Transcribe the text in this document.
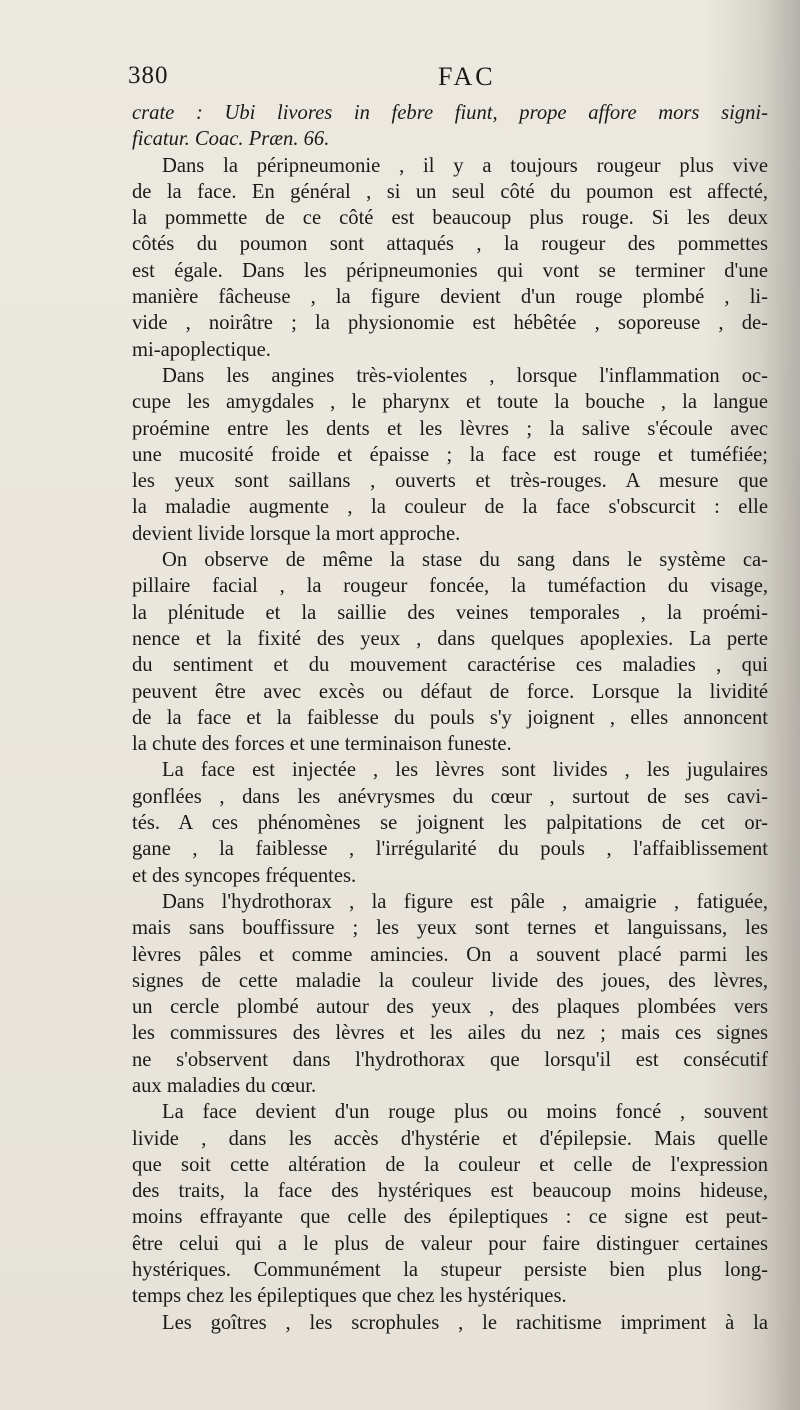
380	FAC
crate : Ubi livores in febre fiunt, prope affore mors signi-
ficatur. Coac. Præn. 66.
Dans la péripneumonie , il y a toujours rougeur plus vive
de la face. En général , si un seul côté du poumon est affecté,
la pommette de ce côté est beaucoup plus rouge. Si les deux
côtés du poumon sont attaqués , la rougeur des pommettes
est égale. Dans les péripneumonies qui vont se terminer d'une
manière fâcheuse , la figure devient d'un rouge plombé , li-
vide , noirâtre ; la physionomie est hébêtée , soporeuse , de-
mi-apoplectique.
Dans les angines très-violentes , lorsque l'inflammation oc-
cupe les amygdales , le pharynx et toute la bouche , la langue
proémine entre les dents et les lèvres ; la salive s'écoule avec
une mucosité froide et épaisse ; la face est rouge et tuméfiée;
les yeux sont saillans , ouverts et très-rouges. A mesure que
la maladie augmente , la couleur de la face s'obscurcit : elle
devient livide lorsque la mort approche.
On observe de même la stase du sang dans le système ca-
pillaire facial , la rougeur foncée, la tuméfaction du visage,
la plénitude et la saillie des veines temporales , la proémi-
nence et la fixité des yeux , dans quelques apoplexies. La perte
du sentiment et du mouvement caractérise ces maladies , qui
peuvent être avec excès ou défaut de force. Lorsque la lividité
de la face et la faiblesse du pouls s'y joignent , elles annoncent
la chute des forces et une terminaison funeste.
La face est injectée , les lèvres sont livides , les jugulaires
gonflées , dans les anévrysmes du cœur , surtout de ses cavi-
tés. A ces phénomènes se joignent les palpitations de cet or-
gane , la faiblesse , l'irrégularité du pouls , l'affaiblissement
et des syncopes fréquentes.
Dans l'hydrothorax , la figure est pâle , amaigrie , fatiguée,
mais sans bouffissure ; les yeux sont ternes et languissans, les
lèvres pâles et comme amincies. On a souvent placé parmi les
signes de cette maladie la couleur livide des joues, des lèvres,
un cercle plombé autour des yeux , des plaques plombées vers
les commissures des lèvres et les ailes du nez ; mais ces signes
ne s'observent dans l'hydrothorax que lorsqu'il est consécutif
aux maladies du cœur.
La face devient d'un rouge plus ou moins foncé , souvent
livide , dans les accès d'hystérie et d'épilepsie. Mais quelle
que soit cette altération de la couleur et celle de l'expression
des traits, la face des hystériques est beaucoup moins hideuse,
moins effrayante que celle des épileptiques : ce signe est peut-
être celui qui a le plus de valeur pour faire distinguer certaines
hystériques. Communément la stupeur persiste bien plus long-
temps chez les épileptiques que chez les hystériques.
Les goîtres , les scrophules , le rachitisme impriment à la
